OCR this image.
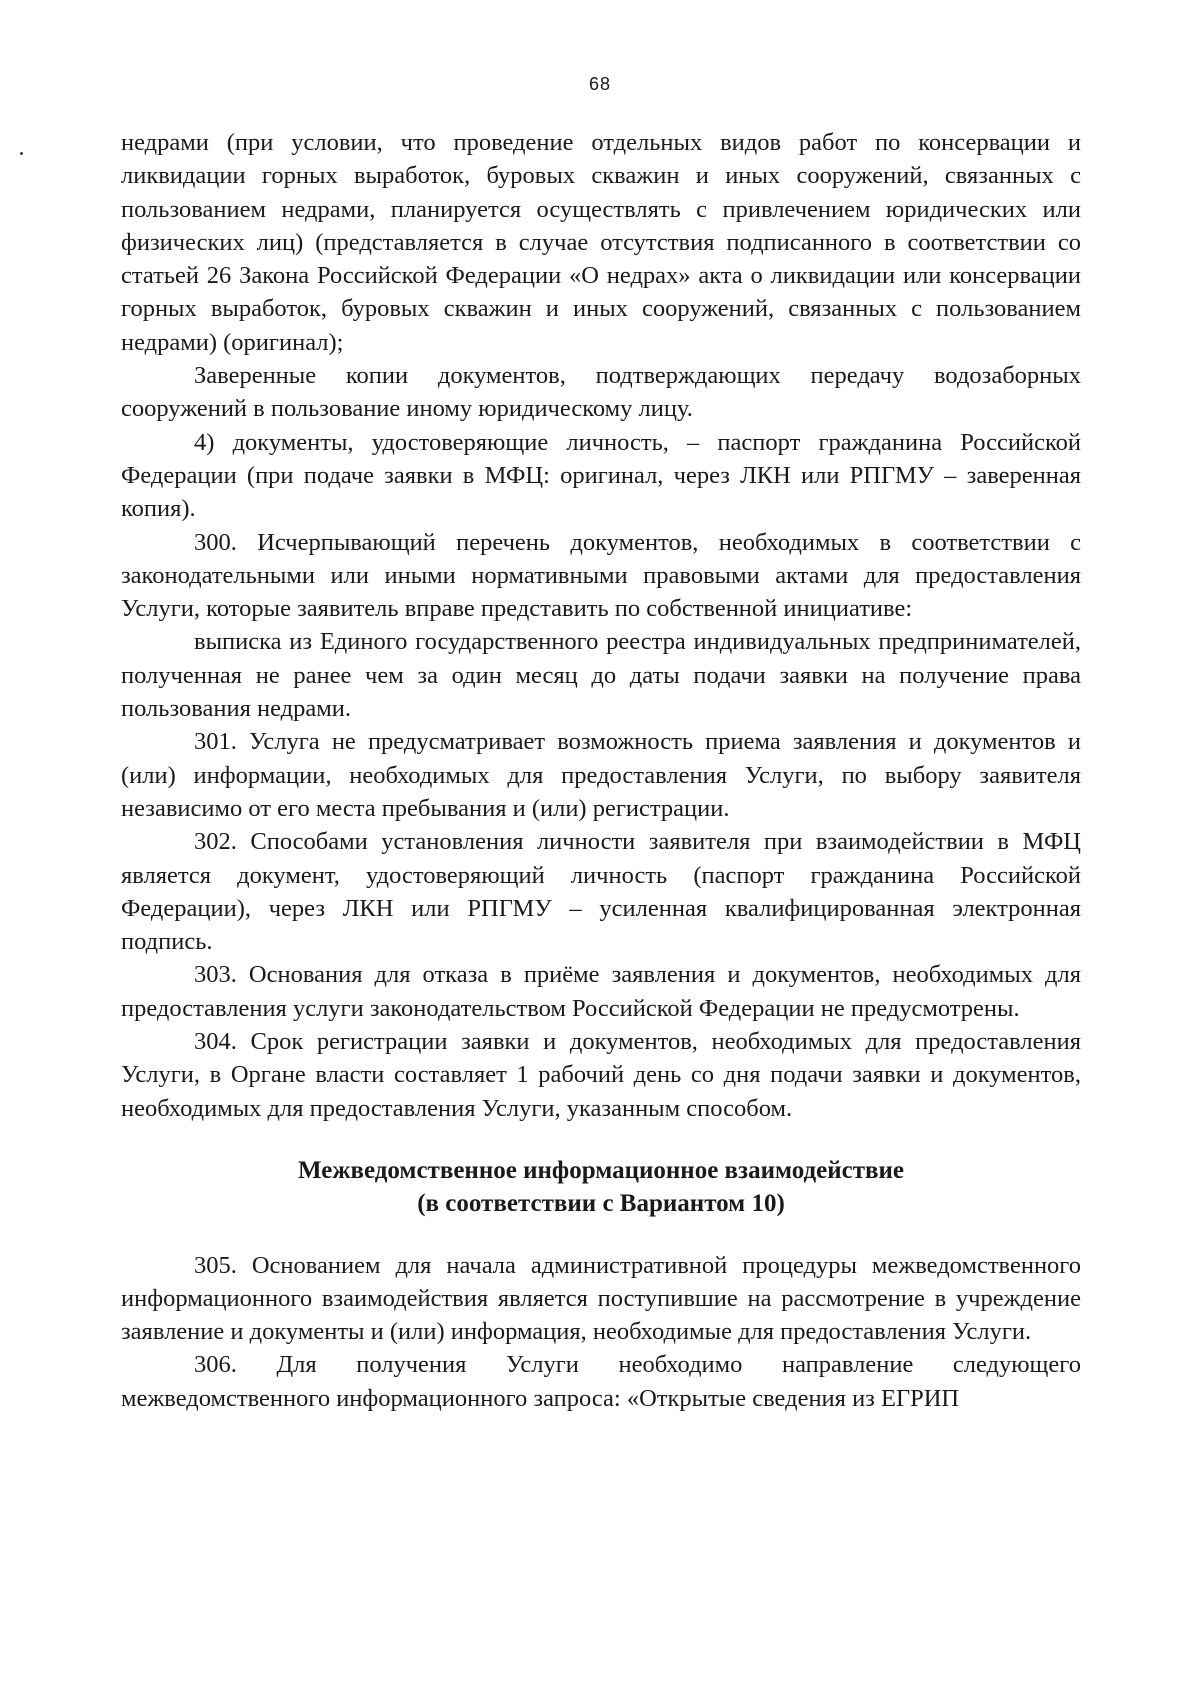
68

недрами (при условии, что проведение отдельных видов работ по консервации и ликвидации горных выработок, буровых скважин и иных сооружений, связанных с пользованием недрами, планируется осуществлять с привлечением юридических или физических лиц) (представляется в случае отсутствия подписанного в соответствии со статьей 26 Закона Российской Федерации «О недрах» акта о ликвидации или консервации горных выработок, буровых скважин и иных сооружений, связанных с пользованием недрами) (оригинал);

Заверенные копии документов, подтверждающих передачу водозаборных сооружений в пользование иному юридическому лицу.

4) документы, удостоверяющие личность, – паспорт гражданина Российской Федерации (при подаче заявки в МФЦ: оригинал, через ЛКН или РПГМУ – заверенная копия).

300. Исчерпывающий перечень документов, необходимых в соответствии с законодательными или иными нормативными правовыми актами для предоставления Услуги, которые заявитель вправе представить по собственной инициативе:

выписка из Единого государственного реестра индивидуальных предпринимателей, полученная не ранее чем за один месяц до даты подачи заявки на получение права пользования недрами.

301. Услуга не предусматривает возможность приема заявления и документов и (или) информации, необходимых для предоставления Услуги, по выбору заявителя независимо от его места пребывания и (или) регистрации.

302. Способами установления личности заявителя при взаимодействии в МФЦ является документ, удостоверяющий личность (паспорт гражданина Российской Федерации), через ЛКН или РПГМУ – усиленная квалифицированная электронная подпись.

303. Основания для отказа в приёме заявления и документов, необходимых для предоставления услуги законодательством Российской Федерации не предусмотрены.

304. Срок регистрации заявки и документов, необходимых для предоставления Услуги, в Органе власти составляет 1 рабочий день со дня подачи заявки и документов, необходимых для предоставления Услуги, указанным способом.

Межведомственное информационное взаимодействие

(в соответствии с Вариантом 10)

305. Основанием для начала административной процедуры межведомственного информационного взаимодействия является поступившие на рассмотрение в учреждение заявление и документы и (или) информация, необходимые для предоставления Услуги.

306. Для получения Услуги необходимо направление следующего межведомственного информационного запроса: «Открытые сведения из ЕГРИП
